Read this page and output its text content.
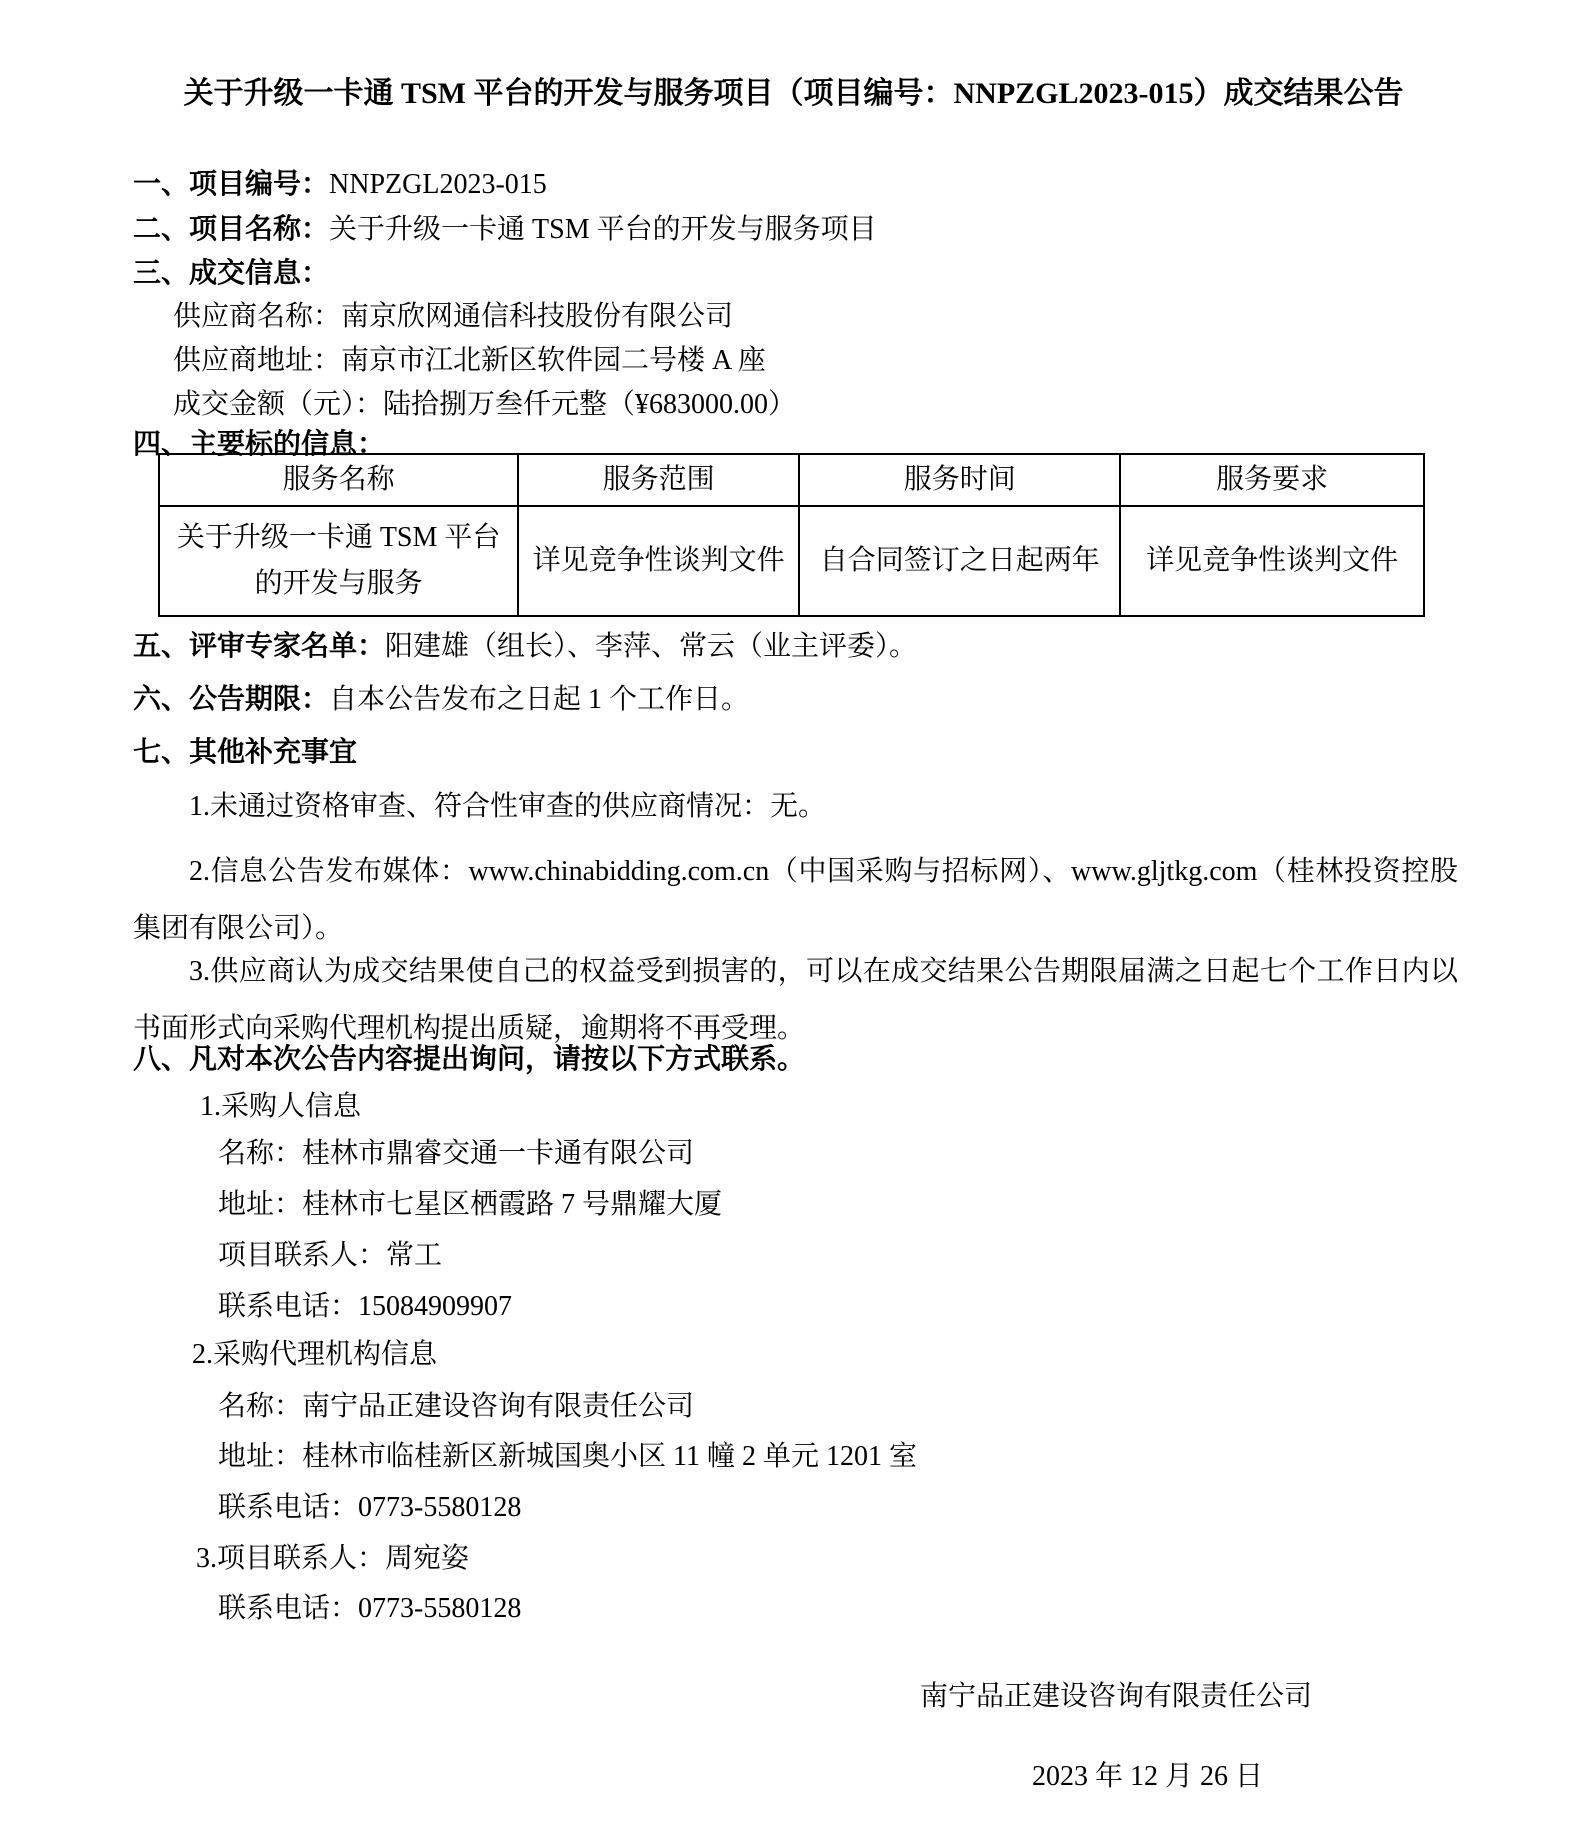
关于升级一卡通 TSM 平台的开发与服务项目（项目编号：NNPZGL2023-015）成交结果公告
一、项目编号：NNPZGL2023-015
二、项目名称：关于升级一卡通 TSM 平台的开发与服务项目
三、成交信息：
供应商名称：南京欣网通信科技股份有限公司
供应商地址：南京市江北新区软件园二号楼 A 座
成交金额（元）：陆拾捌万叁仟元整（¥683000.00）
四、主要标的信息：
服务名称	服务范围	服务时间	服务要求
关于升级一卡通 TSM 平台的开发与服务	详见竞争性谈判文件	自合同签订之日起两年	详见竞争性谈判文件
五、评审专家名单：阳建雄（组长）、李萍、常云（业主评委）。
六、公告期限：自本公告发布之日起 1 个工作日。
七、其他补充事宜
1.未通过资格审查、符合性审查的供应商情况：无。
2.信息公告发布媒体：www.chinabidding.com.cn（中国采购与招标网）、www.gljtkg.com（桂林投资控股集团有限公司）。
3.供应商认为成交结果使自己的权益受到损害的，可以在成交结果公告期限届满之日起七个工作日内以书面形式向采购代理机构提出质疑，逾期将不再受理。
八、凡对本次公告内容提出询问，请按以下方式联系。
1.采购人信息
名称：桂林市鼎睿交通一卡通有限公司
地址：桂林市七星区栖霞路 7 号鼎耀大厦
项目联系人：常工
联系电话：15084909907
2.采购代理机构信息
名称：南宁品正建设咨询有限责任公司
地址：桂林市临桂新区新城国奥小区 11 幢 2 单元 1201 室
联系电话：0773-5580128
3.项目联系人：周宛姿
联系电话：0773-5580128
南宁品正建设咨询有限责任公司
2023 年 12 月 26 日
